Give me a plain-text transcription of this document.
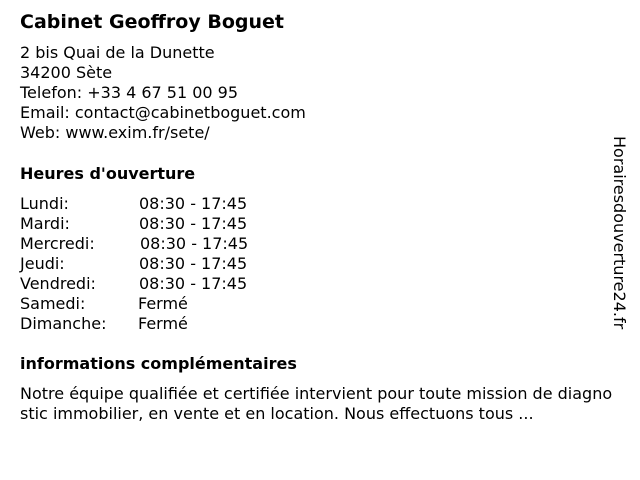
Cabinet Geoffroy Boguet
2 bis Quai de la Dunette
34200 Sète
Telefon: +33 4 67 51 00 95
Email: contact@cabinetboguet.com
Web: www.exim.fr/sete/
Heures d'ouverture
Lundi:	08:30 - 17:45
Mardi:	08:30 - 17:45
Mercredi:	08:30 - 17:45
Jeudi:	08:30 - 17:45
Vendredi:	08:30 - 17:45
Samedi:	Fermé
Dimanche: Fermé
informations complémentaires
Notre équipe qualifiée et certifiée intervient pour toute mission de diagnostic immobilier, en vente et en location. Nous effectuons tous ...
Horairesdouverture24.fr
